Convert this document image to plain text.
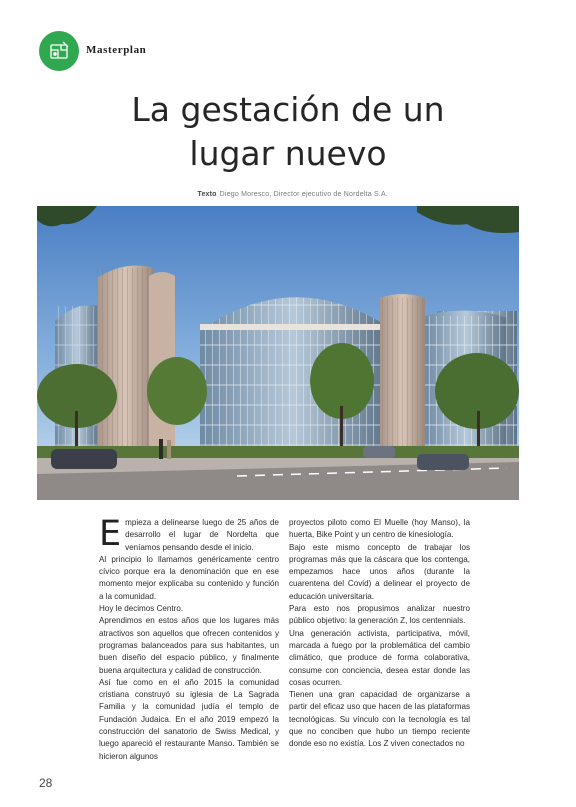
Masterplan
La gestación de un
lugar nuevo
Texto Diego Moresco, Director ejecutivo de Nordelta S.A.

Empieza a delinearse luego de 25 años de desarrollo el lugar de Nordelta que veníamos pensando desde el inicio.

Al principio lo llamamos genéricamente centro cívico porque era la denominación que en ese momento mejor explicaba su contenido y función a la comunidad.

Hoy le decimos Centro.

Aprendimos en estos años que los lugares más atractivos son aquellos que ofrecen contenidos y programas balanceados para sus habitantes, un buen diseño del espacio público, y finalmente buena arquitectura y calidad de construcción.

Así fue como en el año 2015 la comunidad cristiana construyó su iglesia de La Sagrada Familia y la comunidad judía el templo de Fundación Judaica. En el año 2019 empezó la construcción del sanatorio de Swiss Medical, y luego apareció el restaurante Manso. También se hicieron algunos

proyectos piloto como El Muelle (hoy Manso), la huerta, Bike Point y un centro de kinesiología.

Bajo este mismo concepto de trabajar los programas más que la cáscara que los contenga, empezamos hace unos años (durante la cuarentena del Covid) a delinear el proyecto de educación universitaria.

Para esto nos propusimos analizar nuestro público objetivo: la generación Z, los centennials.

Una generación activista, participativa, móvil, marcada a fuego por la problemática del cambio climático, que produce de forma colaborativa, consume con conciencia, desea estar donde las cosas ocurren.

Tienen una gran capacidad de organizarse a partir del eficaz uso que hacen de las plataformas tecnológicas. Su vínculo con la tecnología es tal que no conciben que hubo un tiempo reciente donde eso no existía. Los Z viven conectados no

28
